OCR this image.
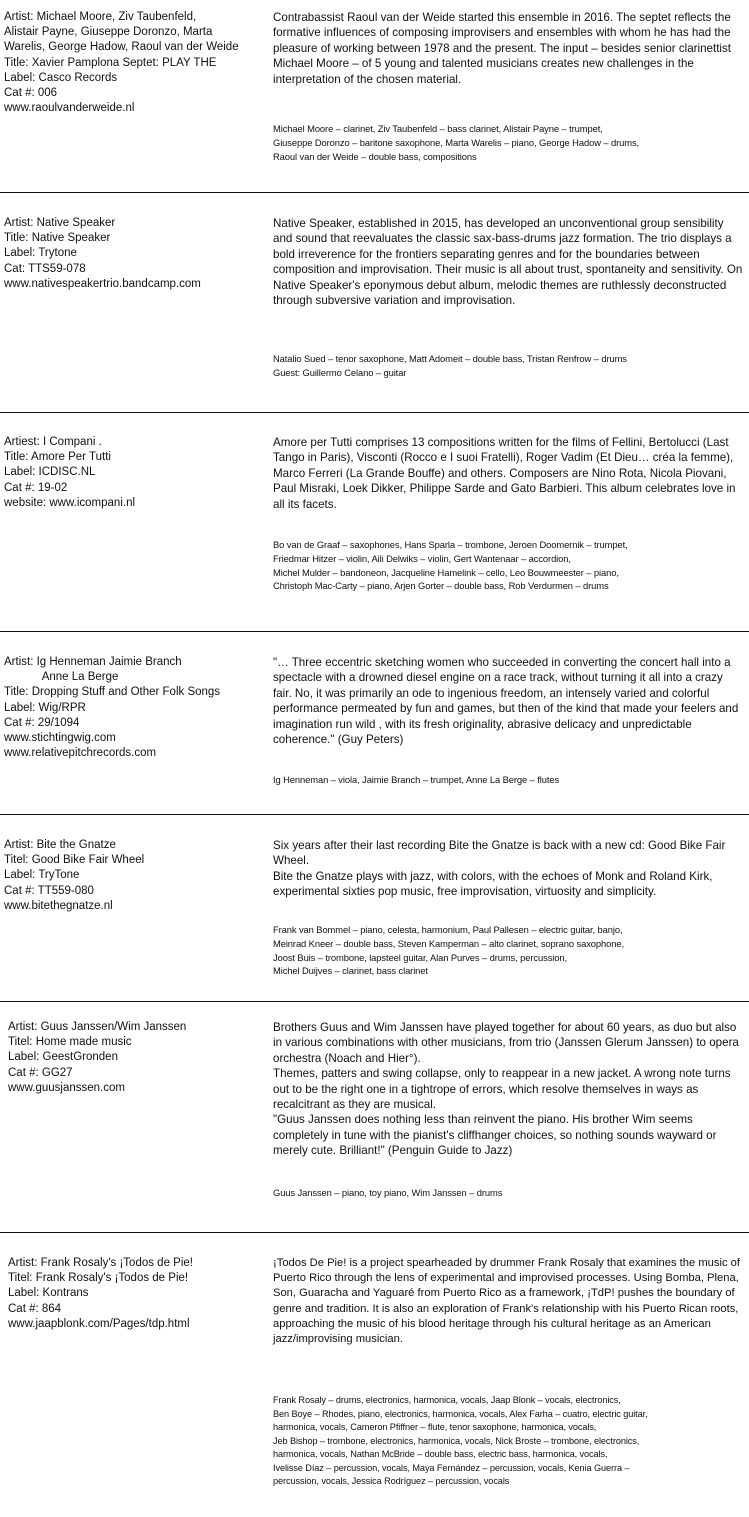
Artist: Michael Moore, Ziv Taubenfeld,
Alistair Payne, Giuseppe Doronzo, Marta
Warelis, George Hadow, Raoul van der Weide
Title: Xavier Pamplona Septet: PLAY THE
Label: Casco Records
Cat #: 006
www.raoulvanderweide.nl

Contrabassist Raoul van der Weide started this ensemble in 2016. The septet reflects the formative influences of composing improvisers and ensembles with whom he has had the pleasure of working between 1978 and the present. The input – besides senior clarinettist Michael Moore – of 5 young and talented musicians creates new challenges in the interpretation of the chosen material.

Michael Moore – clarinet, Ziv Taubenfeld – bass clarinet, Alistair Payne – trumpet,
Giuseppe Doronzo – baritone saxophone, Marta Warelis – piano, George Hadow – drums,
Raoul van der Weide – double bass, compositions
Artist: Native Speaker
Title: Native Speaker
Label: Trytone
Cat: TTS59-078
www.nativespeakertrio.bandcamp.com

Native Speaker, established in 2015, has developed an unconventional group sensibility and sound that reevaluates the classic sax-bass-drums jazz formation. The trio displays a bold irreverence for the frontiers separating genres and for the boundaries between composition and improvisation. Their music is all about trust, spontaneity and sensitivity. On Native Speaker's eponymous debut album, melodic themes are ruthlessly deconstructed through subversive variation and improvisation.

Natalio Sued – tenor saxophone, Matt Adomeit – double bass, Tristan Renfrow – drums
Guest: Guillermo Celano – guitar
Artiest: I Compani .
Title: Amore Per Tutti
Label: ICDISC.NL
Cat #: 19-02
website: www.icompani.nl

Amore per Tutti comprises 13 compositions written for the films of Fellini, Bertolucci (Last Tango in Paris), Visconti (Rocco e I suoi Fratelli), Roger Vadim (Et Dieu… créa la femme), Marco Ferreri (La Grande Bouffe) and others. Composers are Nino Rota, Nicola Piovani, Paul Misraki, Loek Dikker, Philippe Sarde and Gato Barbieri. This album celebrates love in all its facets.

Bo van de Graaf – saxophones, Hans Sparla – trombone, Jeroen Doomernik – trumpet,
Friedmar Hitzer – violin, Aili Delwiks – violin, Gert Wantenaar – accordion,
Michel Mulder – bandoneon, Jacqueline Hamelink – cello, Leo Bouwmeester – piano,
Christoph Mac-Carty – piano, Arjen Gorter – double bass, Rob Verdurmen – drums
Artist: Ig Henneman Jaimie Branch
Anne La Berge
Title: Dropping Stuff and Other Folk Songs
Label: Wig/RPR
Cat #: 29/1094
www.stichtingwig.com
www.relativepitchrecords.com

"… Three eccentric sketching women who succeeded in converting the concert hall into a spectacle with a drowned diesel engine on a race track, without turning it all into a crazy fair. No, it was primarily an ode to ingenious freedom, an intensely varied and colorful performance permeated by fun and games, but then of the kind that made your feelers and imagination run wild , with its fresh originality, abrasive delicacy and unpredictable coherence." (Guy Peters)

Ig Henneman – viola, Jaimie Branch – trumpet, Anne La Berge – flutes
Artist: Bite the Gnatze
Titel: Good Bike Fair Wheel
Label: TryTone
Cat #: TT559-080
www.bitethegnatze.nl

Six years after their last recording Bite the Gnatze is back with a new cd: Good Bike Fair Wheel.

Bite the Gnatze plays with jazz, with colors, with the echoes of Monk and Roland Kirk, experimental sixties pop music, free improvisation, virtuosity and simplicity.

Frank van Bommel – piano, celesta, harmonium, Paul Pallesen – electric guitar, banjo,
Meinrad Kneer – double bass, Steven Kamperman – alto clarinet, soprano saxophone,
Joost Buis – trombone, lapsteel guitar, Alan Purves – drums, percussion,
Michel Duijves – clarinet, bass clarinet
Artist: Guus Janssen/Wim Janssen
Titel: Home made music
Label: GeestGronden
Cat #: GG27
www.guusjanssen.com

Brothers Guus and Wim Janssen have played together for about 60 years, as duo but also in various combinations with other musicians, from trio (Janssen Glerum Janssen) to opera orchestra (Noach and Hier°).

Themes, patters and swing collapse, only to reappear in a new jacket. A wrong note turns out to be the right one in a tightrope of errors, which resolve themselves in ways as recalcitrant as they are musical.

"Guus Janssen does nothing less than reinvent the piano. His brother Wim seems completely in tune with the pianist's cliffhanger choices, so nothing sounds wayward or merely cute. Brilliant!" (Penguin Guide to Jazz)

Guus Janssen – piano, toy piano, Wim Janssen – drums
Artist: Frank Rosaly's ¡Todos de Pie!
Titel: Frank Rosaly's ¡Todos de Pie!
Label: Kontrans
Cat #: 864
www.jaapblonk.com/Pages/tdp.html

¡Todos De Pie! is a project spearheaded by drummer Frank Rosaly that examines the music of Puerto Rico through the lens of experimental and improvised processes. Using Bomba, Plena, Son, Guaracha and Yaguaré from Puerto Rico as a framework, ¡TdP! pushes the boundary of genre and tradition. It is also an exploration of Frank's relationship with his Puerto Rican roots, approaching the music of his blood heritage through his cultural heritage as an American jazz/improvising musician.

Frank Rosaly – drums, electronics, harmonica, vocals, Jaap Blonk – vocals, electronics,
Ben Boye – Rhodes, piano, electronics, harmonica, vocals, Alex Farha – cuatro, electric guitar,
harmonica, vocals, Cameron Pfiffner – flute, tenor saxophone, harmonica, vocals,
Jeb Bishop – trombone, electronics, harmonica, vocals, Nick Broste – trombone, electronics,
harmonica, vocals, Nathan McBride – double bass, electric bass, harmonica, vocals,
Ivelisse Díaz – percussion, vocals, Maya Fernández – percussion, vocals, Kenia Guerra –
percussion, vocals, Jessica Rodríguez – percussion, vocals
